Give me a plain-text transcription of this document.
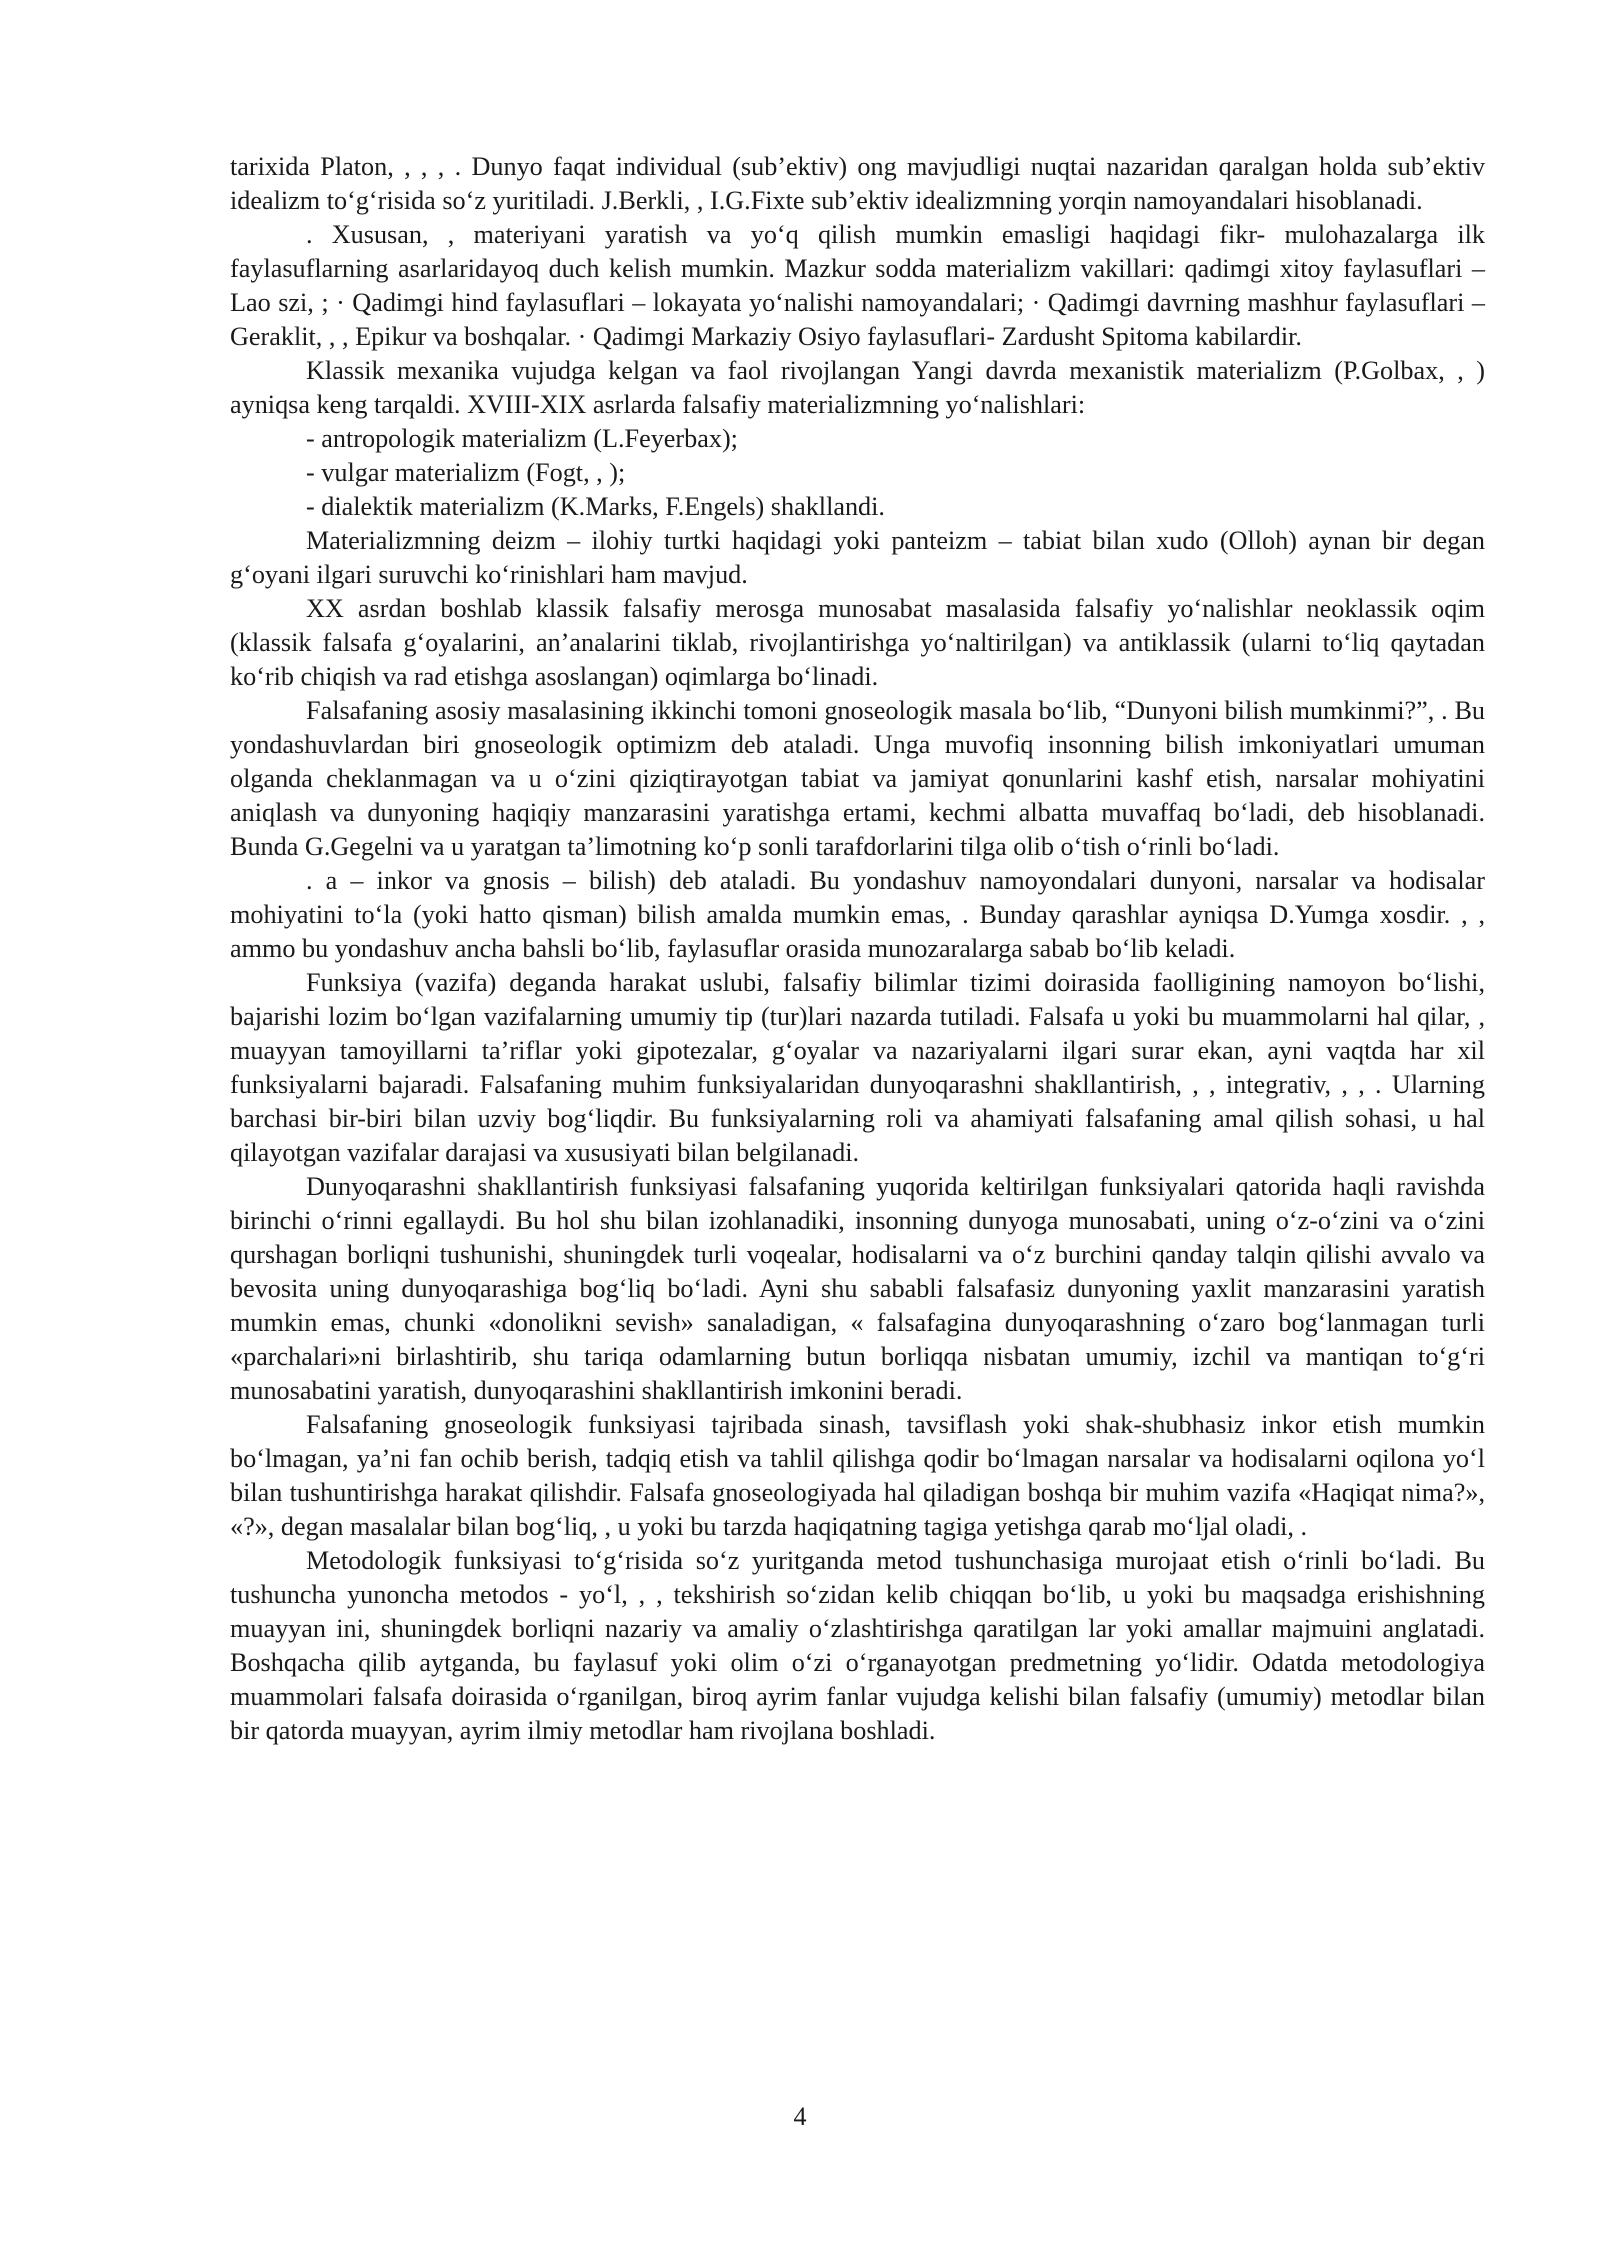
tarixida Platon, , , , . Dunyo faqat individual (sub’ektiv) ong mavjudligi nuqtai nazaridan qaralgan holda sub’ektiv idealizm to‘g‘risida so‘z yuritiladi. J.Berkli, , I.G.Fixte sub’ektiv idealizmning yorqin namoyandalari hisoblanadi.

. Xususan, , materiyani yaratish va yo‘q qilish mumkin emasligi haqidagi fikr- mulohazalarga ilk faylasuflarning asarlaridayoq duch kelish mumkin. Mazkur sodda materializm vakillari: qadimgi xitoy faylasuflari – Lao szi, ; · Qadimgi hind faylasuflari – lokayata yo‘nalishi namoyandalari; · Qadimgi davrning mashhur faylasuflari – Geraklit, , , Epikur va boshqalar. · Qadimgi Markaziy Osiyo faylasuflari- Zardusht Spitoma kabilardir.

Klassik mexanika vujudga kelgan va faol rivojlangan Yangi davrda mexanistik materializm (P.Golbax, , ) ayniqsa keng tarqaldi. XVIII-XIX asrlarda falsafiy materializmning yo‘nalishlari:

- antropologik materializm (L.Feyerbax);

- vulgar materializm (Fogt, , );

- dialektik materializm (K.Marks, F.Engels) shakllandi.

Materializmning deizm – ilohiy turtki haqidagi yoki panteizm – tabiat bilan xudo (Olloh) aynan bir degan g‘oyani ilgari suruvchi ko‘rinishlari ham mavjud.

XX asrdan boshlab klassik falsafiy merosga munosabat masalasida falsafiy yo‘nalishlar neoklassik oqim (klassik falsafa g‘oyalarini, an’analarini tiklab, rivojlantirishga yo‘naltirilgan) va antiklassik (ularni to‘liq qaytadan ko‘rib chiqish va rad etishga asoslangan) oqimlarga bo‘linadi.

Falsafaning asosiy masalasining ikkinchi tomoni gnoseologik masala bo‘lib, “Dunyoni bilish mumkinmi?”, . Bu yondashuvlardan biri gnoseologik optimizm deb ataladi. Unga muvofiq insonning bilish imkoniyatlari umuman olganda cheklanmagan va u o‘zini qiziqtirayotgan tabiat va jamiyat qonunlarini kashf etish, narsalar mohiyatini aniqlash va dunyoning haqiqiy manzarasini yaratishga ertami, kechmi albatta muvaffaq bo‘ladi, deb hisoblanadi. Bunda G.Gegelni va u yaratgan ta’limotning ko‘p sonli tarafdorlarini tilga olib o‘tish o‘rinli bo‘ladi.

. a – inkor va gnosis – bilish) deb ataladi. Bu yondashuv namoyondalari dunyoni, narsalar va hodisalar mohiyatini to‘la (yoki hatto qisman) bilish amalda mumkin emas, . Bunday qarashlar ayniqsa D.Yumga xosdir. , , ammo bu yondashuv ancha bahsli bo‘lib, faylasuflar orasida munozaralarga sabab bo‘lib keladi.

Funksiya (vazifa) deganda harakat uslubi, falsafiy bilimlar tizimi doirasida faolligining namoyon bo‘lishi, bajarishi lozim bo‘lgan vazifalarning umumiy tip (tur)lari nazarda tutiladi. Falsafa u yoki bu muammolarni hal qilar, , muayyan tamoyillarni ta’riflar yoki gipotezalar, g‘oyalar va nazariyalarni ilgari surar ekan, ayni vaqtda har xil funksiyalarni bajaradi. Falsafaning muhim funksiyalaridan dunyoqarashni shakllantirish, , , integrativ, , , . Ularning barchasi bir-biri bilan uzviy bog‘liqdir. Bu funksiyalarning roli va ahamiyati falsafaning amal qilish sohasi, u hal qilayotgan vazifalar darajasi va xususiyati bilan belgilanadi.

Dunyoqarashni shakllantirish funksiyasi falsafaning yuqorida keltirilgan funksiyalari qatorida haqli ravishda birinchi o‘rinni egallaydi. Bu hol shu bilan izohlanadiki, insonning dunyoga munosabati, uning o‘z-o‘zini va o‘zini qurshagan borliqni tushunishi, shuningdek turli voqealar, hodisalarni va o‘z burchini qanday talqin qilishi avvalo va bevosita uning dunyoqarashiga bog‘liq bo‘ladi. Ayni shu sababli falsafasiz dunyoning yaxlit manzarasini yaratish mumkin emas, chunki «donolikni sevish» sanaladigan, « falsafagina dunyoqarashning o‘zaro bog‘lanmagan turli «parchalari»ni birlashtirib, shu tariqa odamlarning butun borliqqa nisbatan umumiy, izchil va mantiqan to‘g‘ri munosabatini yaratish, dunyoqarashini shakllantirish imkonini beradi.

Falsafaning gnoseologik funksiyasi tajribada sinash, tavsiflash yoki shak-shubhasiz inkor etish mumkin bo‘lmagan, ya’ni fan ochib berish, tadqiq etish va tahlil qilishga qodir bo‘lmagan narsalar va hodisalarni oqilona yo‘l bilan tushuntirishga harakat qilishdir. Falsafa gnoseologiyada hal qiladigan boshqa bir muhim vazifa «Haqiqat nima?», «?», degan masalalar bilan bog‘liq, , u yoki bu tarzda haqiqatning tagiga yetishga qarab mo‘ljal oladi, .

Metodologik funksiyasi to‘g‘risida so‘z yuritganda metod tushunchasiga murojaat etish o‘rinli bo‘ladi. Bu tushuncha yunoncha metodos - yo‘l, , , tekshirish so‘zidan kelib chiqqan bo‘lib, u yoki bu maqsadga erishishning muayyan ini, shuningdek borliqni nazariy va amaliy o‘zlashtirishga qaratilgan lar yoki amallar majmuini anglatadi. Boshqacha qilib aytganda, bu faylasuf yoki olim o‘zi o‘rganayotgan predmetning yo‘lidir. Odatda metodologiya muammolari falsafa doirasida o‘rganilgan, biroq ayrim fanlar vujudga kelishi bilan falsafiy (umumiy) metodlar bilan bir qatorda muayyan, ayrim ilmiy metodlar ham rivojlana boshladi.

4
